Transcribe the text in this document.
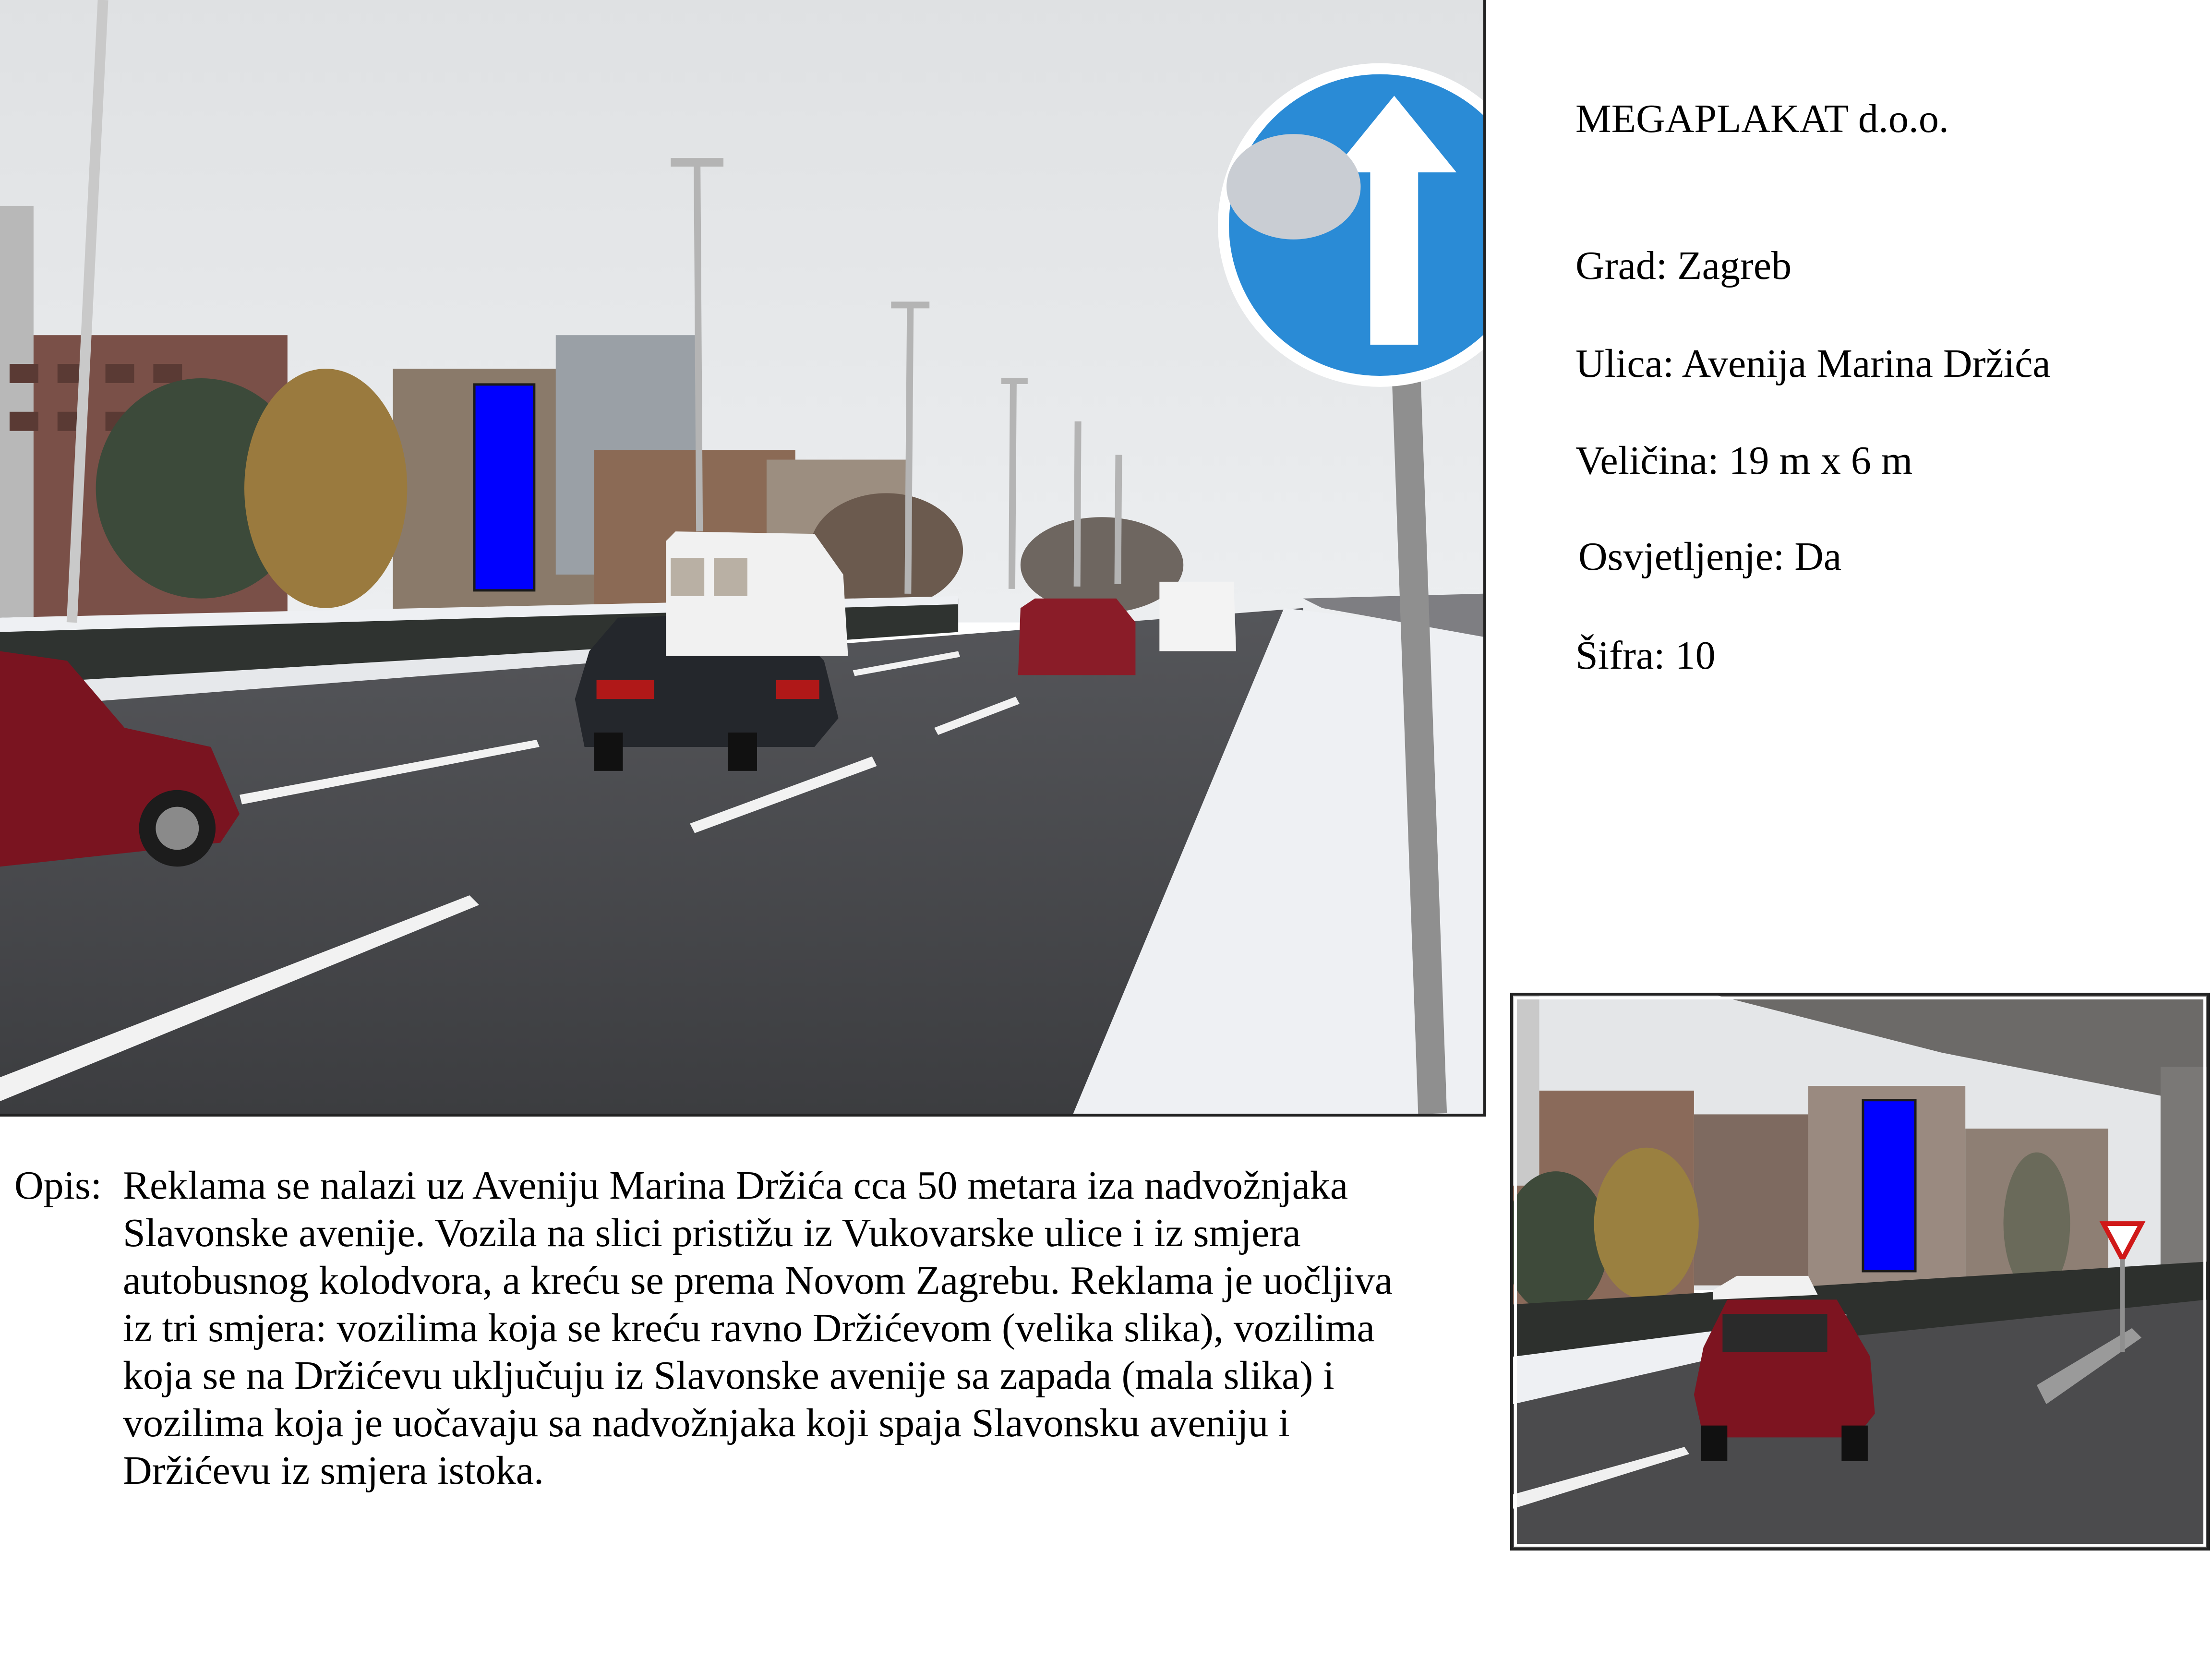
MEGAPLAKAT d.o.o.
Grad: Zagreb
Ulica: Avenija Marina Držića
Veličina: 19 m x 6 m
Osvjetljenje: Da
Šifra: 10
Opis: Reklama se nalazi uz Aveniju Marina Držića cca 50 metara iza nadvožnjaka
Slavonske avenije. Vozila na slici pristižu iz Vukovarske ulice i iz smjera
autobusnog kolodvora, a kreću se prema Novom Zagrebu. Reklama je uočljiva
iz tri smjera: vozilima koja se kreću ravno Držićevom (velika slika), vozilima
koja se na Držićevu uključuju iz Slavonske avenije sa zapada (mala slika) i
vozilima koja je uočavaju sa nadvožnjaka koji spaja Slavonsku aveniju i
Držićevu iz smjera istoka.
